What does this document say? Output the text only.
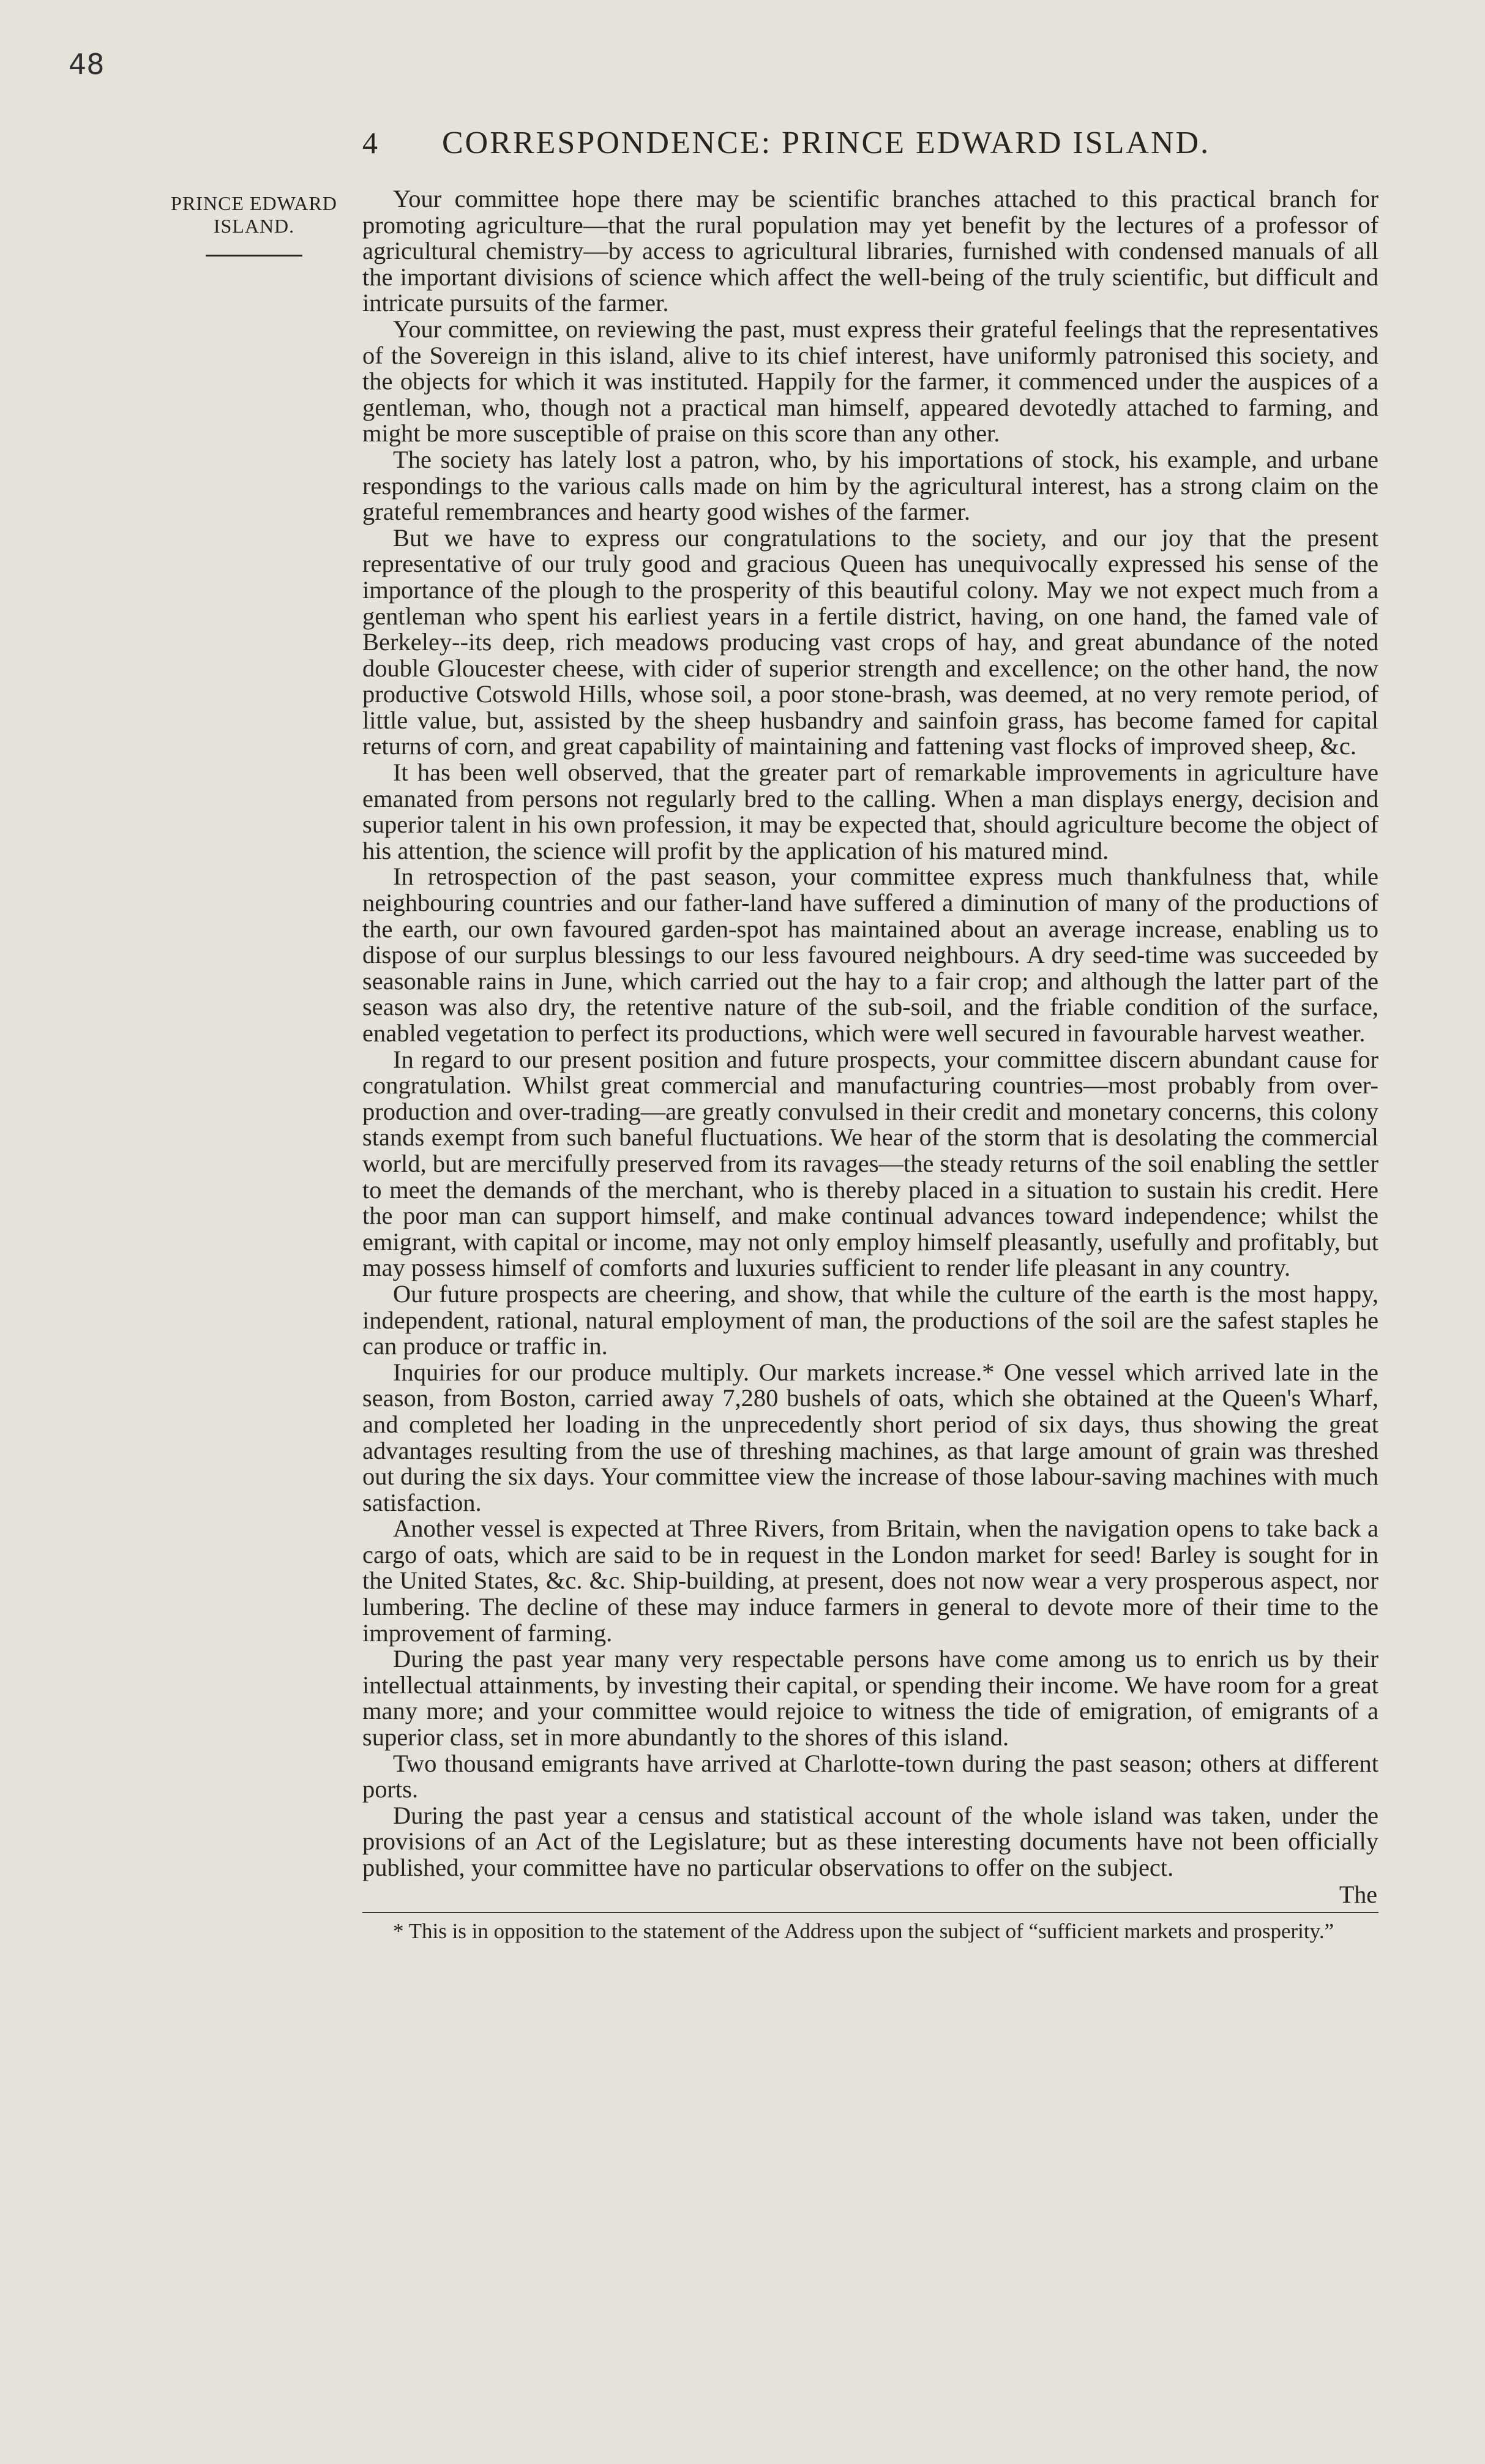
48
4	CORRESPONDENCE: PRINCE EDWARD ISLAND.
PRINCE EDWARD
ISLAND.

Your committee hope there may be scientific branches attached to this practical branch for promoting agriculture—that the rural population may yet benefit by the lectures of a professor of agricultural chemistry—by access to agricultural libraries, furnished with condensed manuals of all the important divisions of science which affect the well-being of the truly scientific, but difficult and intricate pursuits of the farmer.

Your committee, on reviewing the past, must express their grateful feelings that the representatives of the Sovereign in this island, alive to its chief interest, have uniformly patronised this society, and the objects for which it was instituted. Happily for the farmer, it commenced under the auspices of a gentleman, who, though not a practical man himself, appeared devotedly attached to farming, and might be more susceptible of praise on this score than any other.

The society has lately lost a patron, who, by his importations of stock, his example, and urbane respondings to the various calls made on him by the agricultural interest, has a strong claim on the grateful remembrances and hearty good wishes of the farmer.

But we have to express our congratulations to the society, and our joy that the present representative of our truly good and gracious Queen has unequivocally expressed his sense of the importance of the plough to the prosperity of this beautiful colony. May we not expect much from a gentleman who spent his earliest years in a fertile district, having, on one hand, the famed vale of Berkeley--its deep, rich meadows producing vast crops of hay, and great abundance of the noted double Gloucester cheese, with cider of superior strength and excellence; on the other hand, the now productive Cotswold Hills, whose soil, a poor stone-brash, was deemed, at no very remote period, of little value, but, assisted by the sheep husbandry and sainfoin grass, has become famed for capital returns of corn, and great capability of maintaining and fattening vast flocks of improved sheep, &c.

It has been well observed, that the greater part of remarkable improvements in agriculture have emanated from persons not regularly bred to the calling. When a man displays energy, decision and superior talent in his own profession, it may be expected that, should agriculture become the object of his attention, the science will profit by the application of his matured mind.

In retrospection of the past season, your committee express much thankfulness that, while neighbouring countries and our father-land have suffered a diminution of many of the productions of the earth, our own favoured garden-spot has maintained about an average increase, enabling us to dispose of our surplus blessings to our less favoured neighbours. A dry seed-time was succeeded by seasonable rains in June, which carried out the hay to a fair crop; and although the latter part of the season was also dry, the retentive nature of the sub-soil, and the friable condition of the surface, enabled vegetation to perfect its productions, which were well secured in favourable harvest weather.

In regard to our present position and future prospects, your committee discern abundant cause for congratulation. Whilst great commercial and manufacturing countries—most probably from over-production and over-trading—are greatly convulsed in their credit and monetary concerns, this colony stands exempt from such baneful fluctuations. We hear of the storm that is desolating the commercial world, but are mercifully preserved from its ravages—the steady returns of the soil enabling the settler to meet the demands of the merchant, who is thereby placed in a situation to sustain his credit. Here the poor man can support himself, and make continual advances toward independence; whilst the emigrant, with capital or income, may not only employ himself pleasantly, usefully and profitably, but may possess himself of comforts and luxuries sufficient to render life pleasant in any country.

Our future prospects are cheering, and show, that while the culture of the earth is the most happy, independent, rational, natural employment of man, the productions of the soil are the safest staples he can produce or traffic in.

Inquiries for our produce multiply. Our markets increase.* One vessel which arrived late in the season, from Boston, carried away 7,280 bushels of oats, which she obtained at the Queen's Wharf, and completed her loading in the unprecedently short period of six days, thus showing the great advantages resulting from the use of threshing machines, as that large amount of grain was threshed out during the six days. Your committee view the increase of those labour-saving machines with much satisfaction.

Another vessel is expected at Three Rivers, from Britain, when the navigation opens to take back a cargo of oats, which are said to be in request in the London market for seed! Barley is sought for in the United States, &c. &c. Ship-building, at present, does not now wear a very prosperous aspect, nor lumbering. The decline of these may induce farmers in general to devote more of their time to the improvement of farming.

During the past year many very respectable persons have come among us to enrich us by their intellectual attainments, by investing their capital, or spending their income. We have room for a great many more; and your committee would rejoice to witness the tide of emigration, of emigrants of a superior class, set in more abundantly to the shores of this island.

Two thousand emigrants have arrived at Charlotte-town during the past season; others at different ports.

During the past year a census and statistical account of the whole island was taken, under the provisions of an Act of the Legislature; but as these interesting documents have not been officially published, your committee have no particular observations to offer on the subject.

The

* This is in opposition to the statement of the Address upon the subject of “sufficient markets and prosperity.”
